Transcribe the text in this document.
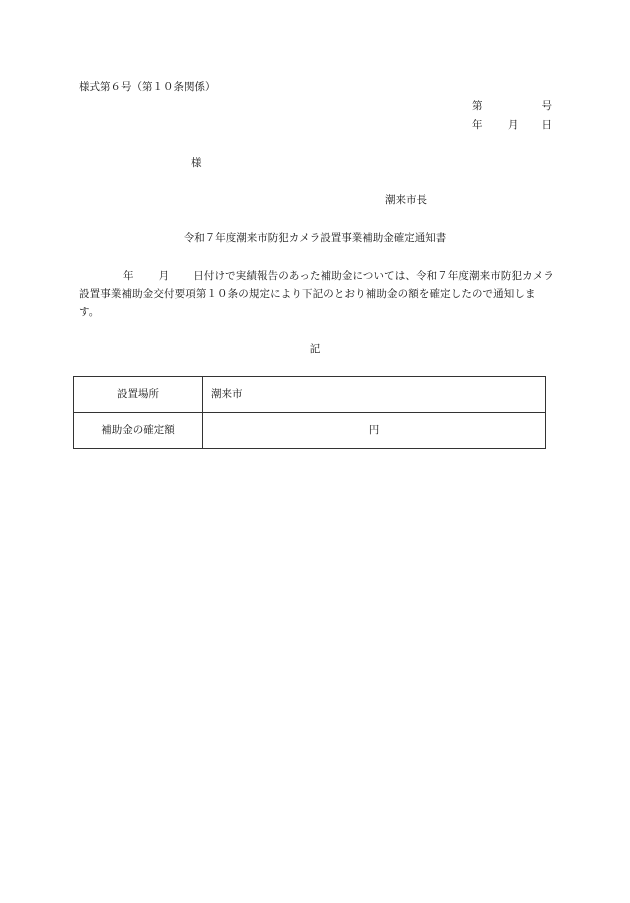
様式第６号（第１０条関係）
第	号
年 月 日
様
潮来市長
令和７年度潮来市防犯カメラ設置事業補助金確定通知書
年 月 日付けで実績報告のあった補助金については、令和７年度潮来市防犯カメラ設置事業補助金交付要項第１０条の規定により下記のとおり補助金の額を確定したので通知します。
記
設置場所	潮来市
補助金の確定額	円
